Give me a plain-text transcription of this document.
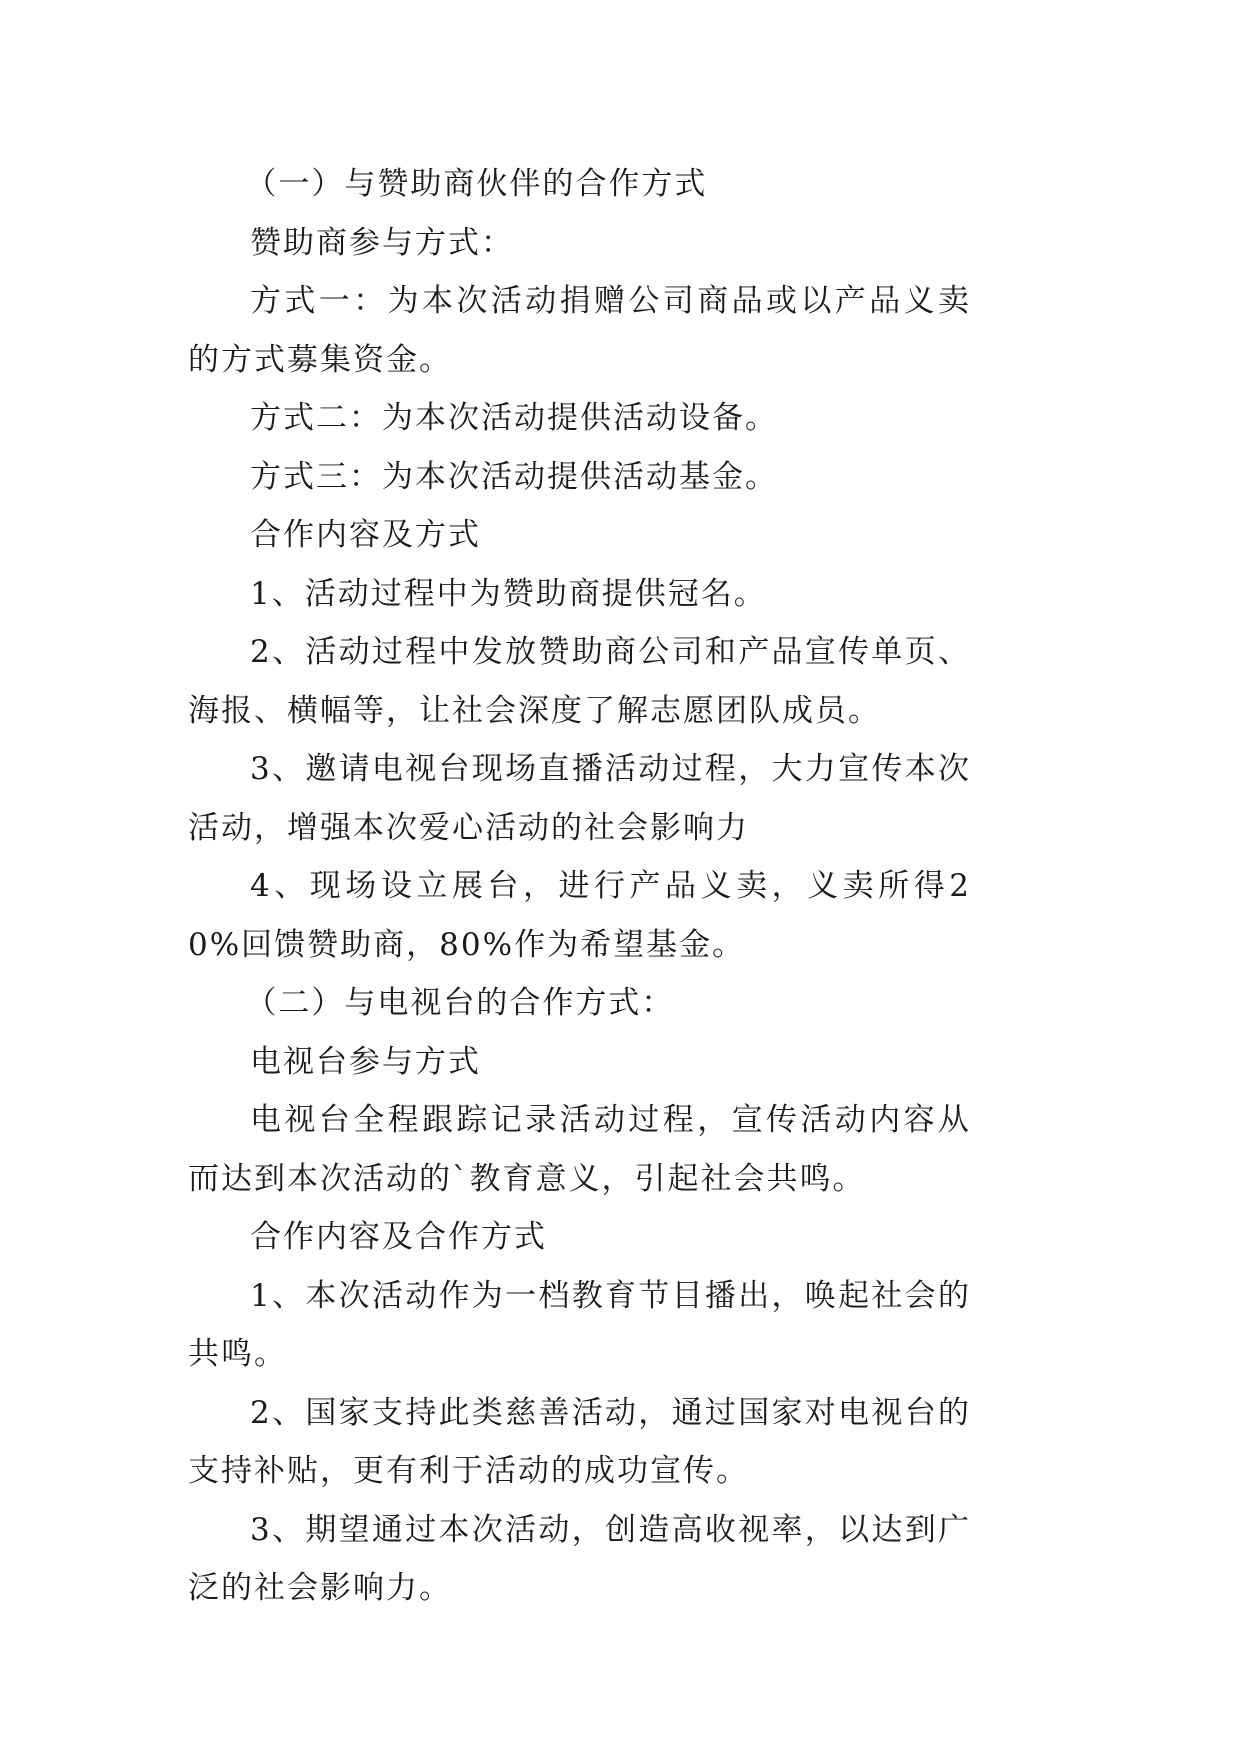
（一）与赞助商伙伴的合作方式

赞助商参与方式：

方式一：为本次活动捐赠公司商品或以产品义卖的方式募集资金。

方式二：为本次活动提供活动设备。

方式三：为本次活动提供活动基金。

合作内容及方式

1、活动过程中为赞助商提供冠名。

2、活动过程中发放赞助商公司和产品宣传单页、海报、横幅等，让社会深度了解志愿团队成员。

3、邀请电视台现场直播活动过程，大力宣传本次活动，增强本次爱心活动的社会影响力

4、现场设立展台，进行产品义卖，义卖所得20%回馈赞助商，80%作为希望基金。

（二）与电视台的合作方式：

电视台参与方式

电视台全程跟踪记录活动过程，宣传活动内容从而达到本次活动的`教育意义，引起社会共鸣。

合作内容及合作方式

1、本次活动作为一档教育节目播出，唤起社会的共鸣。

2、国家支持此类慈善活动，通过国家对电视台的支持补贴，更有利于活动的成功宣传。

3、期望通过本次活动，创造高收视率，以达到广泛的社会影响力。
